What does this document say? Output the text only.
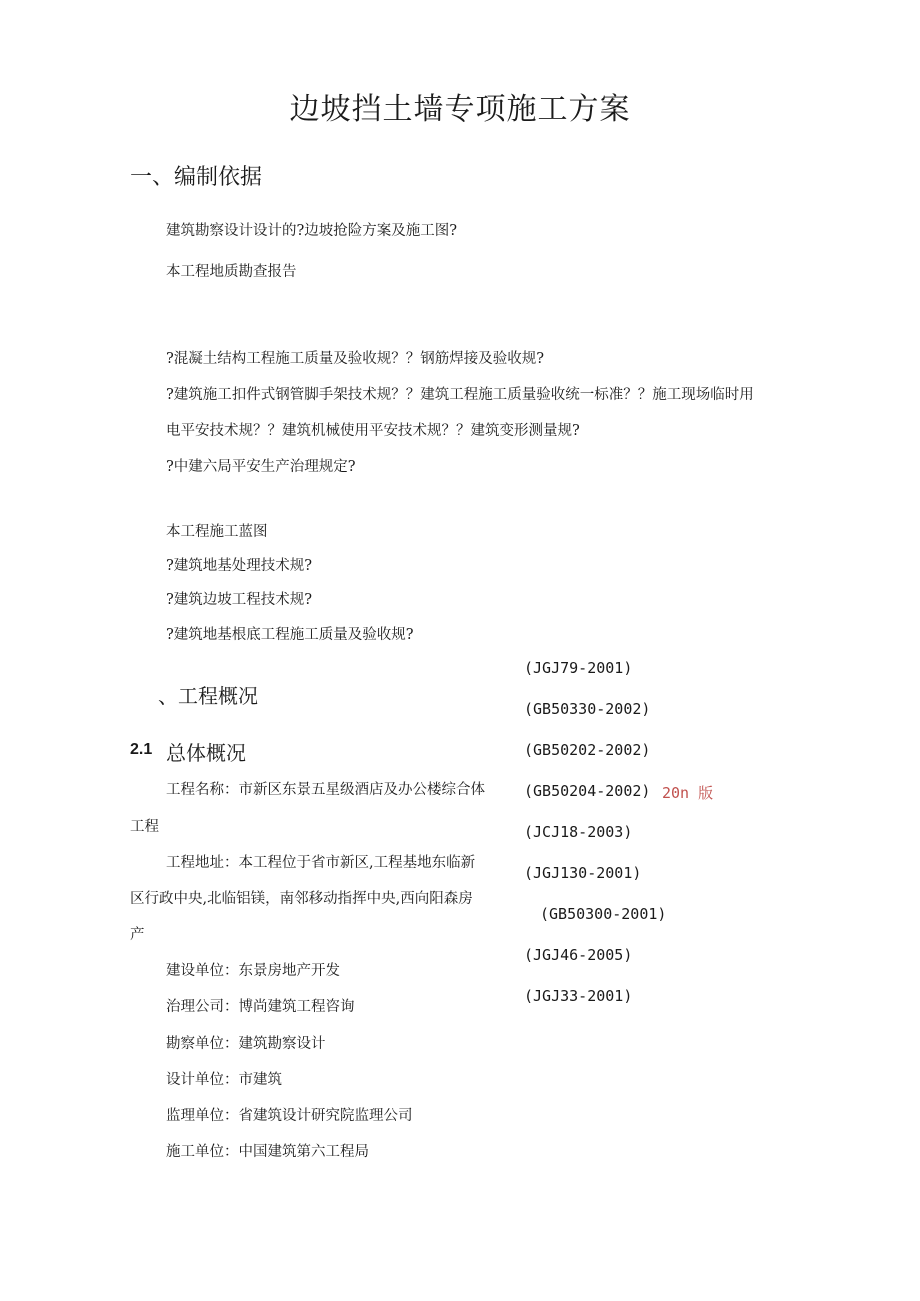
边坡挡土墙专项施工方案
一、编制依据
建筑勘察设计设计的?边坡抢险方案及施工图?
本工程地质勘查报告
?混凝土结构工程施工质量及验收规？？钢筋焊接及验收规?
?建筑施工扣件式钢管脚手架技术规？？建筑工程施工质量验收统一标准？？施工现场临时用
电平安技术规？？建筑机械使用平安技术规？？建筑变形测量规?
?中建六局平安生产治理规定?
本工程施工蓝图
?建筑地基处理技术规?
?建筑边坡工程技术规?
?建筑地基根底工程施工质量及验收规?
、工程概况
2.1 总体概况
工程名称：市新区东景五星级酒店及办公楼综合体
工程
工程地址：本工程位于省市新区,工程基地东临新
区行政中央,北临铝镁，南邻移动指挥中央,西向阳森房
产
建设单位：东景房地产开发
治理公司：博尚建筑工程咨询
勘察单位：建筑勘察设计
设计单位：市建筑
监理单位：省建筑设计研究院监理公司
施工单位：中国建筑第六工程局
(JGJ79-2001)
(GB50330-2002)
(GB50202-2002)
(GB50204-2002) 20n 版
(JCJ18-2003)
(JGJ130-2001)
(GB50300-2001)
(JGJ46-2005)
(JGJ33-2001)
